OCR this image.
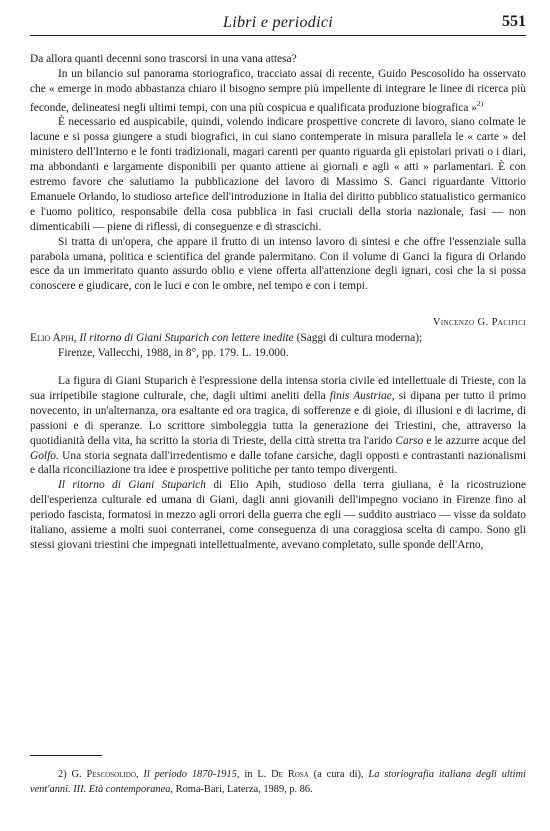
Libri e periodici	551

Da allora quanti decenni sono trascorsi in una vana attesa?

In un bilancio sul panorama storiografico, tracciato assai di recente, Guido Pescosolido ha osservato che « emerge in modo abbastanza chiaro il bisogno sempre più impellente di integrare le linee di ricerca più feconde, delineatesi negli ultimi tempi, con una più cospicua e qualificata produzione biografica »$^{2)}$

È necessario ed auspicabile, quindi, volendo indicare prospettive concrete di lavoro, siano colmate le lacune e si possa giungere a studi biografici, in cui siano contemperate in misura parallela le « carte » del ministero dell'Interno e le fonti tradizionali, magari carenti per quanto riguarda gli epistolari privati o i diari, ma abbondanti e largamente disponibili per quanto attiene ai giornali e agli « atti » parlamentari. È con estremo favore che salutiamo la pubblicazione del lavoro di Massimo S. Ganci riguardante Vittorio Emanuele Orlando, lo studioso artefice dell'introduzione in Italia del diritto pubblico statualistico germanico e l'uomo politico, responsabile della cosa pubblica in fasi cruciali della storia nazionale, fasi — non dimenticabili — piene di riflessi, di conseguenze e di strascichi.

Si tratta di un'opera, che appare il frutto di un intenso lavoro di sintesi e che offre l'essenziale sulla parabola umana, politica e scientifica del grande palermitano. Con il volume di Ganci la figura di Orlando esce da un immeritato quanto assurdo oblio e viene offerta all'attenzione degli ignari, così che la si possa conoscere e giudicare, con le luci e con le ombre, nel tempo e con i tempi.

Vincenzo G. Pacifici

Elio Apih, Il ritorno di Giani Stuparich con lettere inedite (Saggi di cultura moderna);
Firenze, Vallecchi, 1988, in 8°, pp. 179. L. 19.000.

La figura di Giani Stuparich è l'espressione della intensa storia civile ed intellettuale di Trieste, con la sua irripetibile stagione culturale, che, dagli ultimi aneliti della finis Austriae, si dipana per tutto il primo novecento, in un'alternanza, ora esaltante ed ora tragica, di sofferenze e di gioie, di illusioni e di lacrime, di passioni e di speranze. Lo scrittore simboleggia tutta la generazione dei Triestini, che, attraverso la quotidianità della vita, ha scritto la storia di Trieste, della città stretta tra l'arido Carso e le azzurre acque del Golfo. Una storia segnata dall'irredentismo e dalle tofane carsiche, dagli opposti e contrastanti nazionalismi e dalla riconciliazione tra idee e prospettive politiche per tanto tempo divergenti.

Il ritorno di Giani Stuparich di Elio Apih, studioso della terra giuliana, è la ricostruzione dell'esperienza culturale ed umana di Giani, dagli anni giovanili dell'impegno vociano in Firenze fino al periodo fascista, formatosi in mezzo agli orrori della guerra che egli — suddito austriaco — visse da soldato italiano, assieme a molti suoi conterranei, come conseguenza di una coraggiosa scelta di campo. Sono gli stessi giovani triestini che impegnati intellettualmente, avevano completato, sulle sponde dell'Arno,

2) G. Pescosolido, Il periodo 1870-1915, in L. De Rosa (a cura di), La storiografia italiana degli ultimi vent'anni. III. Età contemporanea, Roma-Bari, Laterza, 1989, p. 86.
